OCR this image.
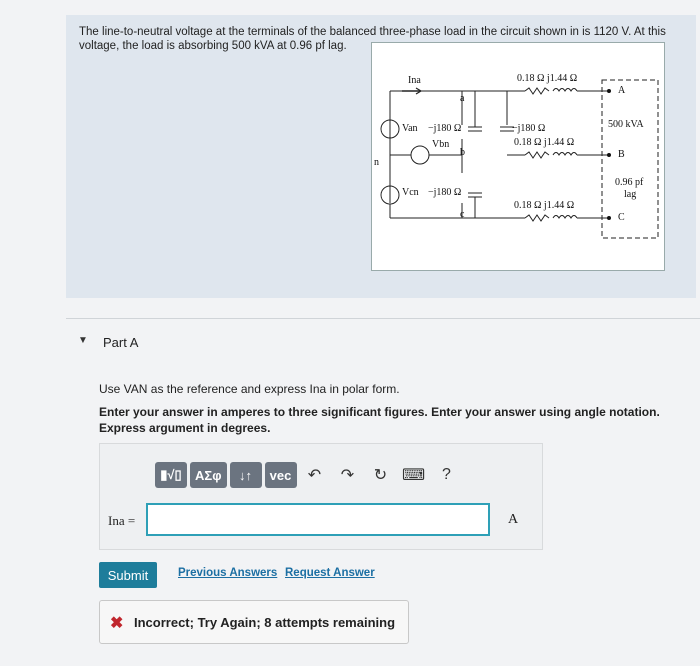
The line-to-neutral voltage at the terminals of the balanced three-phase load in the circuit shown in is 1120 V. At this voltage, the load is absorbing 500 kVA at 0.96 pf lag.
Ina
a
b
c
n
Van
Vbn
Vcn
−j180 Ω
−j180 Ω
−j180 Ω
0.18 Ω j1.44 Ω
0.18 Ω j1.44 Ω
0.18 Ω j1.44 Ω
A
B
C
500 kVA
0.96 pf
lag
▼ Part A
Use VAN as the reference and express Ina in polar form.
Enter your answer in amperes to three significant figures. Enter your answer using angle notation. Express argument in degrees.
▮√▯	AΣφ	↓↑	vec	↶	↷	↻ ⌨	?
Ina =	A
Submit	Previous Answers Request Answer
✖ Incorrect; Try Again; 8 attempts remaining
